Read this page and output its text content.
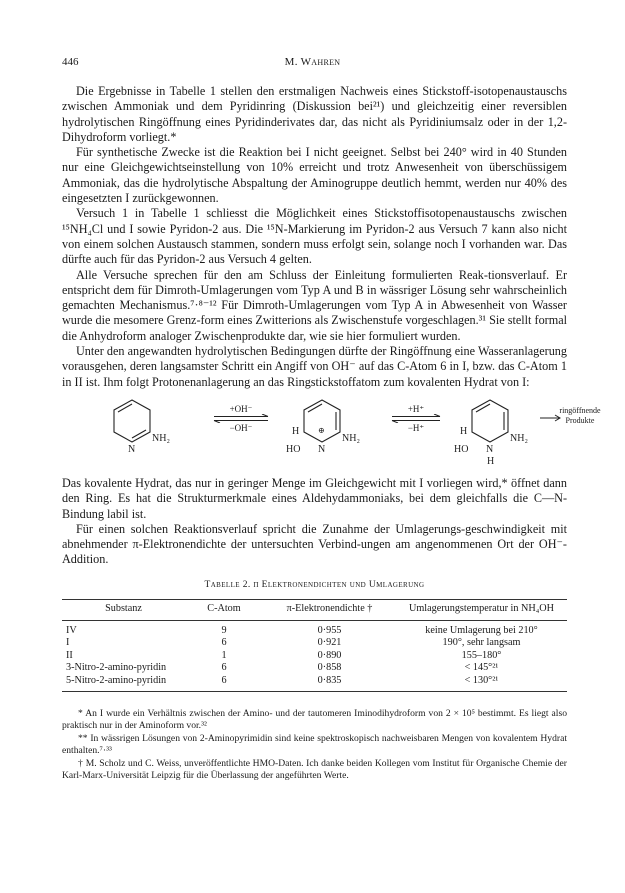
446	M. Wahren

Die Ergebnisse in Tabelle 1 stellen den erstmaligen Nachweis eines Stickstoff-isotopenaustauschs zwischen Ammoniak und dem Pyridinring (Diskussion bei²¹) und gleichzeitig einer reversiblen hydrolytischen Ringöffnung eines Pyridinderivates dar, das nicht als Pyridiniumsalz oder in der 1,2-Dihydroform vorliegt.*

Für synthetische Zwecke ist die Reaktion bei I nicht geeignet. Selbst bei 240° wird in 40 Stunden nur eine Gleichgewichtseinstellung von 10% erreicht und trotz Anwesenheit von überschüssigem Ammoniak, das die hydrolytische Abspaltung der Aminogruppe deutlich hemmt, werden nur 40% des eingesetzten I zurückgewonnen.

Versuch 1 in Tabelle 1 schliesst die Möglichkeit eines Stickstoffisotopenaustauschs zwischen ¹⁵NH₄Cl und I sowie Pyridon-2 aus. Die ¹⁵N-Markierung im Pyridon-2 aus Versuch 7 kann also nicht von einem solchen Austausch stammen, sondern muss erfolgt sein, solange noch I vorhanden war. Das dürfte auch für das Pyridon-2 aus Versuch 4 gelten.

Alle Versuche sprechen für den am Schluss der Einleitung formulierten Reak-tionsverlauf. Er entspricht dem für Dimroth-Umlagerungen vom Typ A und B in wässriger Lösung sehr wahrscheinlich gemachten Mechanismus.⁷·⁸⁻¹² Für Dimroth-Umlagerungen vom Typ A in Abwesenheit von Wasser wurde die mesomere Grenz-form eines Zwitterions als Zwischenstufe vorgeschlagen.³¹ Sie stellt formal die Anhydroform analoger Zwischenprodukte dar, wie sie hier formuliert wurden.

Unter den angewandten hydrolytischen Bedingungen dürfte der Ringöffnung eine Wasseranlagerung vorausgehen, deren langsamster Schritt ein Angiff von OH⁻ auf das C-Atom 6 in I, bzw. das C-Atom 1 in II ist. Ihm folgt Protonenanlagerung an das Ringstickstoffatom zum kovalenten Hydrat von I:

N
NH₂
+OH⁻
−OH⁻	H
HO
⊕
N
NH₂
+H⁺
−H⁺	H
HO N
H
NH₂
ringöffnende
Produkte

Das kovalente Hydrat, das nur in geringer Menge im Gleichgewicht mit I vorliegen wird,* öffnet dann den Ring. Es hat die Strukturmerkmale eines Aldehydammoniaks, bei dem gleichfalls die C—N-Bindung labil ist.

Für einen solchen Reaktionsverlauf spricht die Zunahme der Umlagerungs-geschwindigkeit mit abnehmender π-Elektronendichte der untersuchten Verbind-ungen am angenommenen Ort der OH⁻-Addition.

Tabelle 2. π Elektronendichten und Umlagerung
Substanz	C-Atom	π-Elektronendichte †	Umlagerungstemperatur in NH₄OH
IV	9	0·955	keine Umlagerung bei 210°
I	6	0·921	190°, sehr langsam
II	1	0·890	155–180°
3-Nitro-2-amino-pyridin	6	0·858	< 145°²¹
5-Nitro-2-amino-pyridin	6	0·835	< 130°²¹

* An I wurde ein Verhältnis zwischen der Amino- und der tautomeren Iminodihydroform von 2 × 10⁵ bestimmt. Es liegt also praktisch nur in der Aminoform vor.³²

** In wässrigen Lösungen von 2-Aminopyrimidin sind keine spektroskopisch nachweisbaren Mengen von kovalentem Hydrat enthalten.⁷·³³

† M. Scholz und C. Weiss, unveröffentlichte HMO-Daten. Ich danke beiden Kollegen vom Institut für Organische Chemie der Karl-Marx-Universität Leipzig für die Überlassung der angeführten Werte.
